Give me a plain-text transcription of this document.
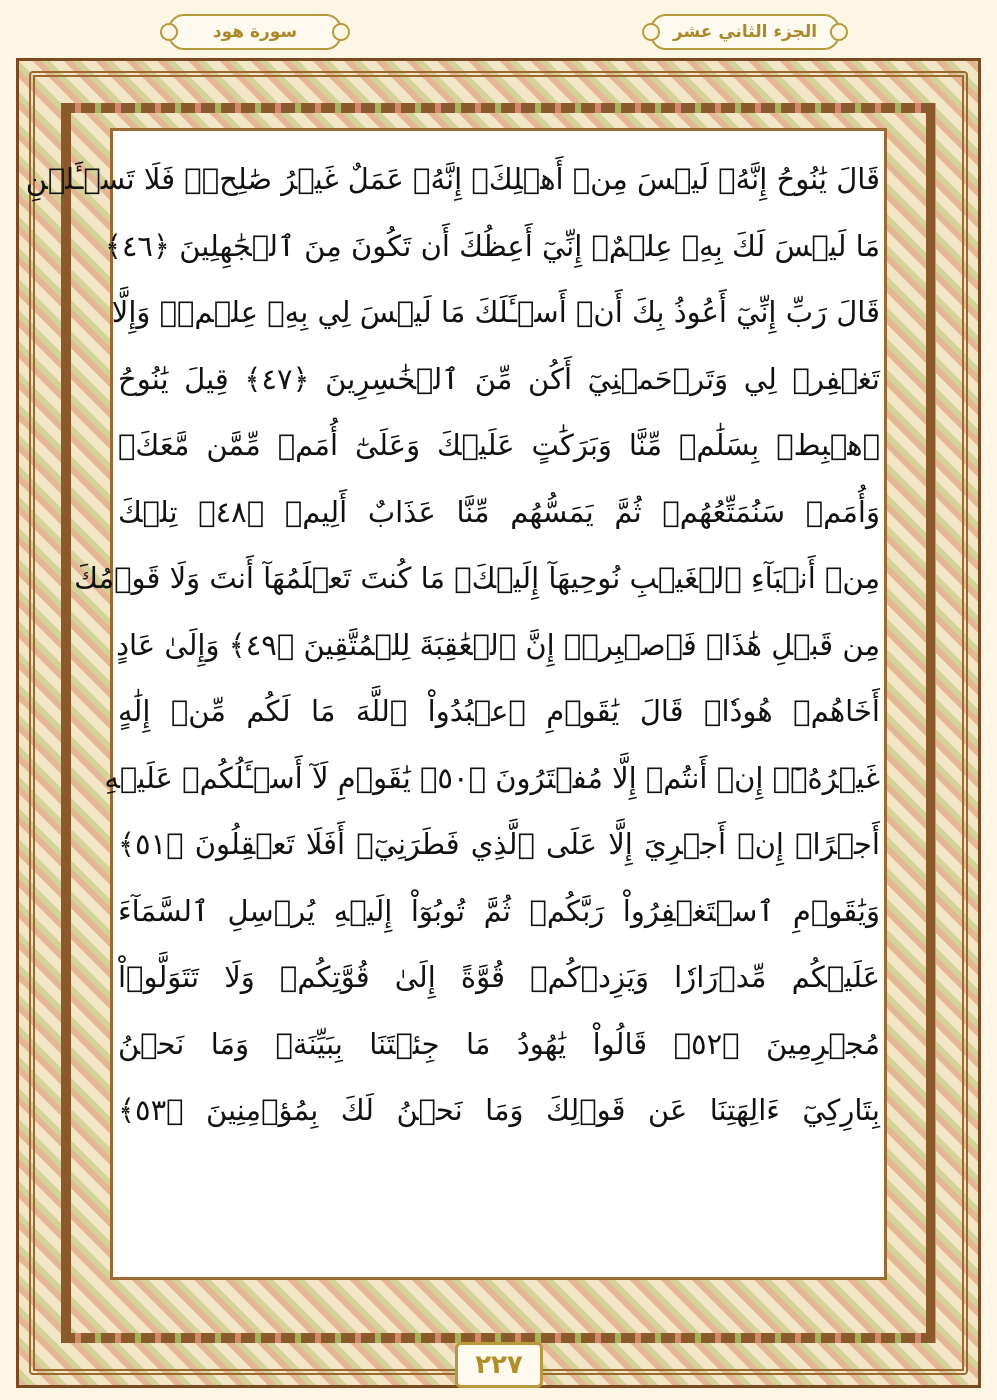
الجزء الثاني عشر
سورة هود
قَالَ يَٰنُوحُ إِنَّهُۥ لَيۡسَ مِنۡ أَهۡلِكَۖ إِنَّهُۥ عَمَلٌ غَيۡرُ صَٰلِحٖۖ فَلَا تَسۡـَٔلۡنِ
مَا لَيۡسَ لَكَ بِهِۦ عِلۡمٌۖ إِنِّيٓ أَعِظُكَ أَن تَكُونَ مِنَ ٱلۡجَٰهِلِينَ ﴿٤٦﴾
قَالَ رَبِّ إِنِّيٓ أَعُوذُ بِكَ أَنۡ أَسۡـَٔلَكَ مَا لَيۡسَ لِي بِهِۦ عِلۡمٞۖ وَإِلَّا
تَغۡفِرۡ لِي وَتَرۡحَمۡنِيٓ أَكُن مِّنَ ٱلۡخَٰسِرِينَ ﴿٤٧﴾ قِيلَ يَٰنُوحُ
ٱهۡبِطۡ بِسَلَٰمٖ مِّنَّا وَبَرَكَٰتٍ عَلَيۡكَ وَعَلَىٰٓ أُمَمٖ مِّمَّن مَّعَكَۚ
وَأُمَمٞ سَنُمَتِّعُهُمۡ ثُمَّ يَمَسُّهُم مِّنَّا عَذَابٌ أَلِيمٞ ﴿٤٨﴾ تِلۡكَ
مِنۡ أَنۢبَآءِ ٱلۡغَيۡبِ نُوحِيهَآ إِلَيۡكَۖ مَا كُنتَ تَعۡلَمُهَآ أَنتَ وَلَا قَوۡمُكَ
مِن قَبۡلِ هَٰذَاۖ فَٱصۡبِرۡۖ إِنَّ ٱلۡعَٰقِبَةَ لِلۡمُتَّقِينَ ﴿٤٩﴾ وَإِلَىٰ عَادٍ
أَخَاهُمۡ هُودٗاۚ قَالَ يَٰقَوۡمِ ٱعۡبُدُواْ ٱللَّهَ مَا لَكُم مِّنۡ إِلَٰهٍ
غَيۡرُهُۥٓۖ إِنۡ أَنتُمۡ إِلَّا مُفۡتَرُونَ ﴿٥٠﴾ يَٰقَوۡمِ لَآ أَسۡـَٔلُكُمۡ عَلَيۡهِ
أَجۡرًاۖ إِنۡ أَجۡرِيَ إِلَّا عَلَى ٱلَّذِي فَطَرَنِيٓۚ أَفَلَا تَعۡقِلُونَ ﴿٥١﴾
وَيَٰقَوۡمِ ٱسۡتَغۡفِرُواْ رَبَّكُمۡ ثُمَّ تُوبُوٓاْ إِلَيۡهِ يُرۡسِلِ ٱلسَّمَآءَ
عَلَيۡكُم مِّدۡرَارٗا وَيَزِدۡكُمۡ قُوَّةً إِلَىٰ قُوَّتِكُمۡ وَلَا تَتَوَلَّوۡاْ
مُجۡرِمِينَ ﴿٥٢﴾ قَالُواْ يَٰهُودُ مَا جِئۡتَنَا بِبَيِّنَةٖ وَمَا نَحۡنُ
بِتَارِكِيٓ ءَالِهَتِنَا عَن قَوۡلِكَ وَمَا نَحۡنُ لَكَ بِمُؤۡمِنِينَ ﴿٥٣﴾
٢٢٧
